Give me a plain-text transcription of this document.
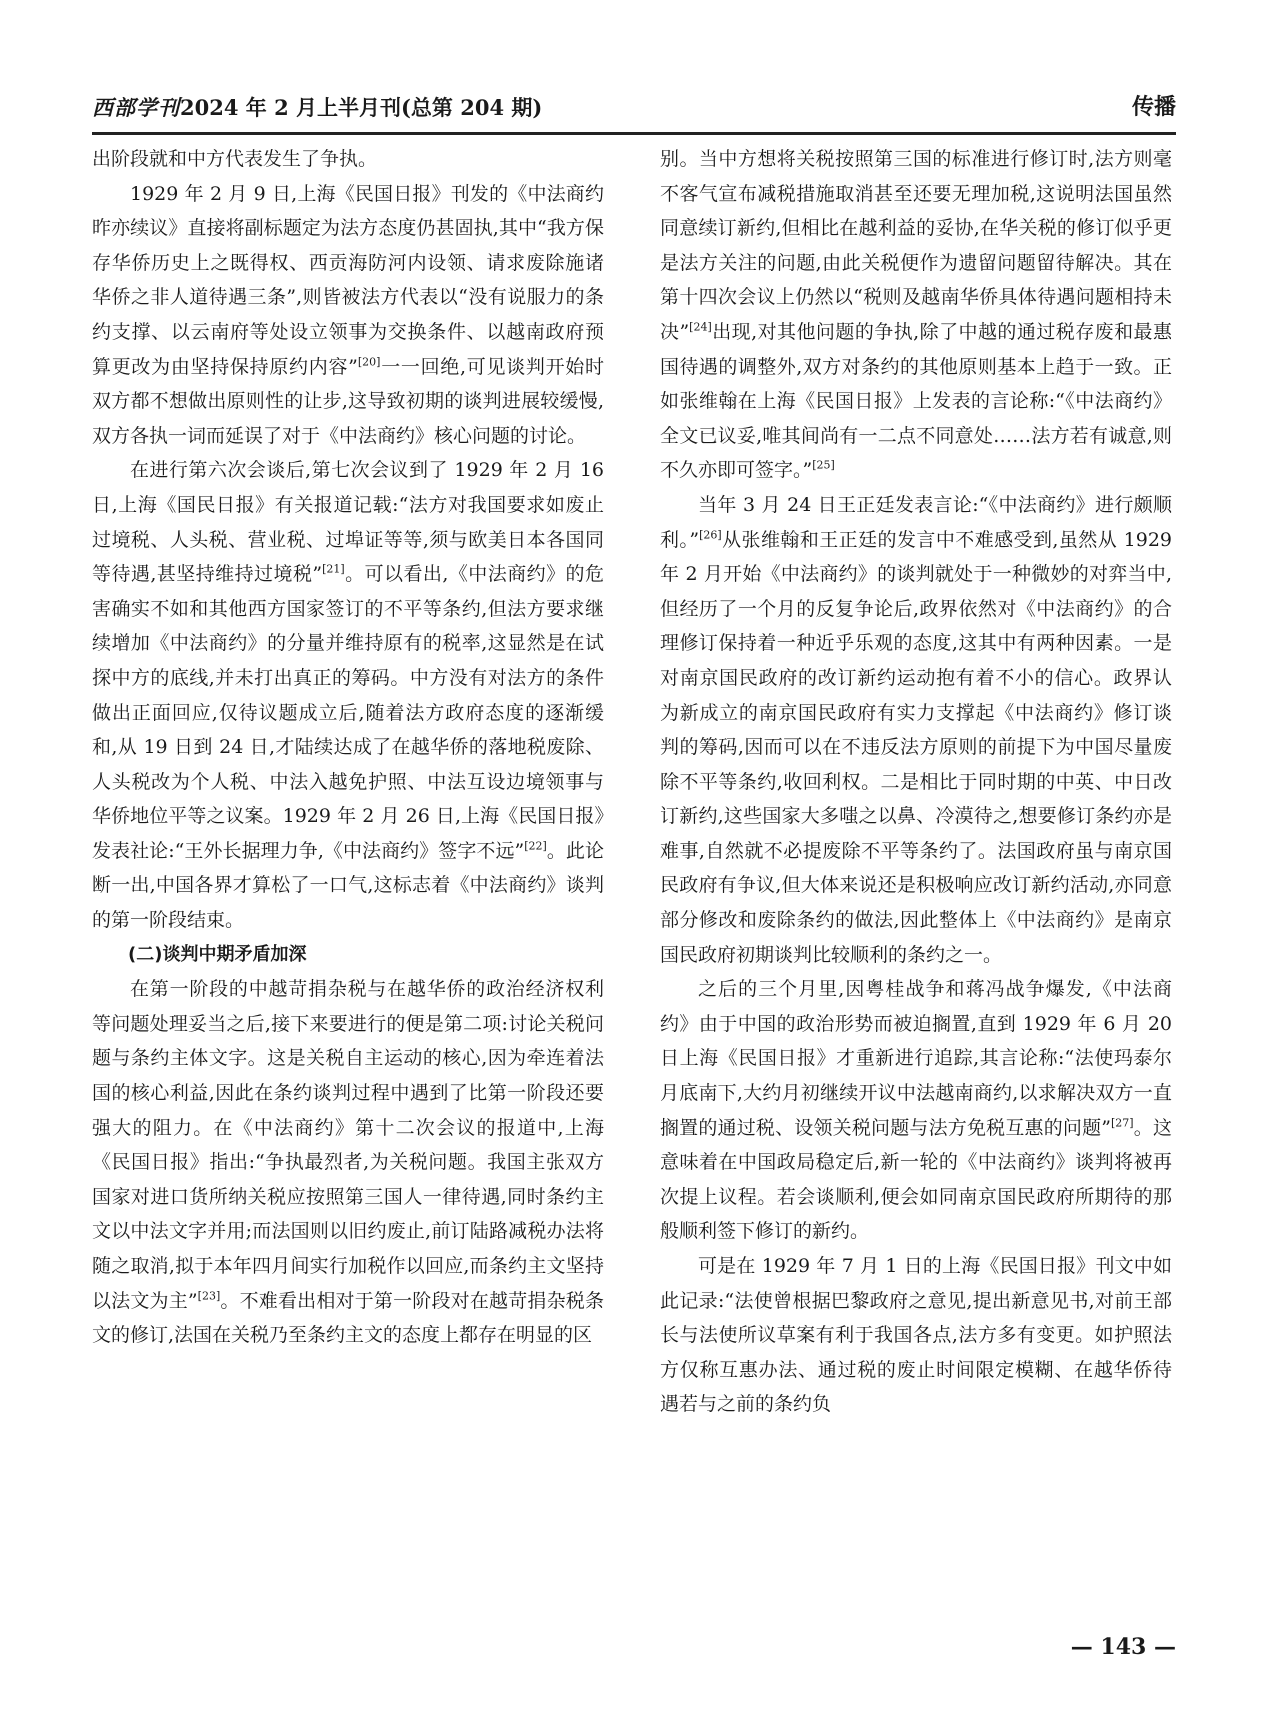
西部学刊2024 年 2 月上半月刊(总第 204 期)	传播

出阶段就和中方代表发生了争执。

1929 年 2 月 9 日,上海《民国日报》刊发的《中法商约昨亦续议》直接将副标题定为法方态度仍甚固执,其中“我方保存华侨历史上之既得权、西贡海防河内设领、请求废除施诸华侨之非人道待遇三条”,则皆被法方代表以“没有说服力的条约支撑、以云南府等处设立领事为交换条件、以越南政府预算更改为由坚持保持原约内容”[20]一一回绝,可见谈判开始时双方都不想做出原则性的让步,这导致初期的谈判进展较缓慢,双方各执一词而延误了对于《中法商约》核心问题的讨论。

在进行第六次会谈后,第七次会议到了 1929 年 2 月 16 日,上海《国民日报》有关报道记载:“法方对我国要求如废止过境税、人头税、营业税、过埠证等等,须与欧美日本各国同等待遇,甚坚持维持过境税”[21]。可以看出,《中法商约》的危害确实不如和其他西方国家签订的不平等条约,但法方要求继续增加《中法商约》的分量并维持原有的税率,这显然是在试探中方的底线,并未打出真正的筹码。中方没有对法方的条件做出正面回应,仅待议题成立后,随着法方政府态度的逐渐缓和,从 19 日到 24 日,才陆续达成了在越华侨的落地税废除、人头税改为个人税、中法入越免护照、中法互设边境领事与华侨地位平等之议案。1929 年 2 月 26 日,上海《民国日报》发表社论:“王外长据理力争,《中法商约》签字不远”[22]。此论断一出,中国各界才算松了一口气,这标志着《中法商约》谈判的第一阶段结束。

(二)谈判中期矛盾加深

在第一阶段的中越苛捐杂税与在越华侨的政治经济权利等问题处理妥当之后,接下来要进行的便是第二项:讨论关税问题与条约主体文字。这是关税自主运动的核心,因为牵连着法国的核心利益,因此在条约谈判过程中遇到了比第一阶段还要强大的阻力。在《中法商约》第十二次会议的报道中,上海《民国日报》指出:“争执最烈者,为关税问题。我国主张双方国家对进口货所纳关税应按照第三国人一律待遇,同时条约主文以中法文字并用;而法国则以旧约废止,前订陆路减税办法将随之取消,拟于本年四月间实行加税作以回应,而条约主文坚持以法文为主”[23]。不难看出相对于第一阶段对在越苛捐杂税条文的修订,法国在关税乃至条约主文的态度上都存在明显的区

别。当中方想将关税按照第三国的标准进行修订时,法方则毫不客气宣布减税措施取消甚至还要无理加税,这说明法国虽然同意续订新约,但相比在越利益的妥协,在华关税的修订似乎更是法方关注的问题,由此关税便作为遗留问题留待解决。其在第十四次会议上仍然以“税则及越南华侨具体待遇问题相持未决”[24]出现,对其他问题的争执,除了中越的通过税存废和最惠国待遇的调整外,双方对条约的其他原则基本上趋于一致。正如张维翰在上海《民国日报》上发表的言论称:“《中法商约》全文已议妥,唯其间尚有一二点不同意处……法方若有诚意,则不久亦即可签字。”[25]

当年 3 月 24 日王正廷发表言论:“《中法商约》进行颇顺利。”[26]从张维翰和王正廷的发言中不难感受到,虽然从 1929 年 2 月开始《中法商约》的谈判就处于一种微妙的对弈当中,但经历了一个月的反复争论后,政界依然对《中法商约》的合理修订保持着一种近乎乐观的态度,这其中有两种因素。一是对南京国民政府的改订新约运动抱有着不小的信心。政界认为新成立的南京国民政府有实力支撑起《中法商约》修订谈判的筹码,因而可以在不违反法方原则的前提下为中国尽量废除不平等条约,收回利权。二是相比于同时期的中英、中日改订新约,这些国家大多嗤之以鼻、冷漠待之,想要修订条约亦是难事,自然就不必提废除不平等条约了。法国政府虽与南京国民政府有争议,但大体来说还是积极响应改订新约活动,亦同意部分修改和废除条约的做法,因此整体上《中法商约》是南京国民政府初期谈判比较顺利的条约之一。

之后的三个月里,因粤桂战争和蒋冯战争爆发,《中法商约》由于中国的政治形势而被迫搁置,直到 1929 年 6 月 20 日上海《民国日报》才重新进行追踪,其言论称:“法使玛泰尔月底南下,大约月初继续开议中法越南商约,以求解决双方一直搁置的通过税、设领关税问题与法方免税互惠的问题”[27]。这意味着在中国政局稳定后,新一轮的《中法商约》谈判将被再次提上议程。若会谈顺利,便会如同南京国民政府所期待的那般顺利签下修订的新约。

可是在 1929 年 7 月 1 日的上海《民国日报》刊文中如此记录:“法使曾根据巴黎政府之意见,提出新意见书,对前王部长与法使所议草案有利于我国各点,法方多有变更。如护照法方仅称互惠办法、通过税的废止时间限定模糊、在越华侨待遇若与之前的条约负

— 143 —
